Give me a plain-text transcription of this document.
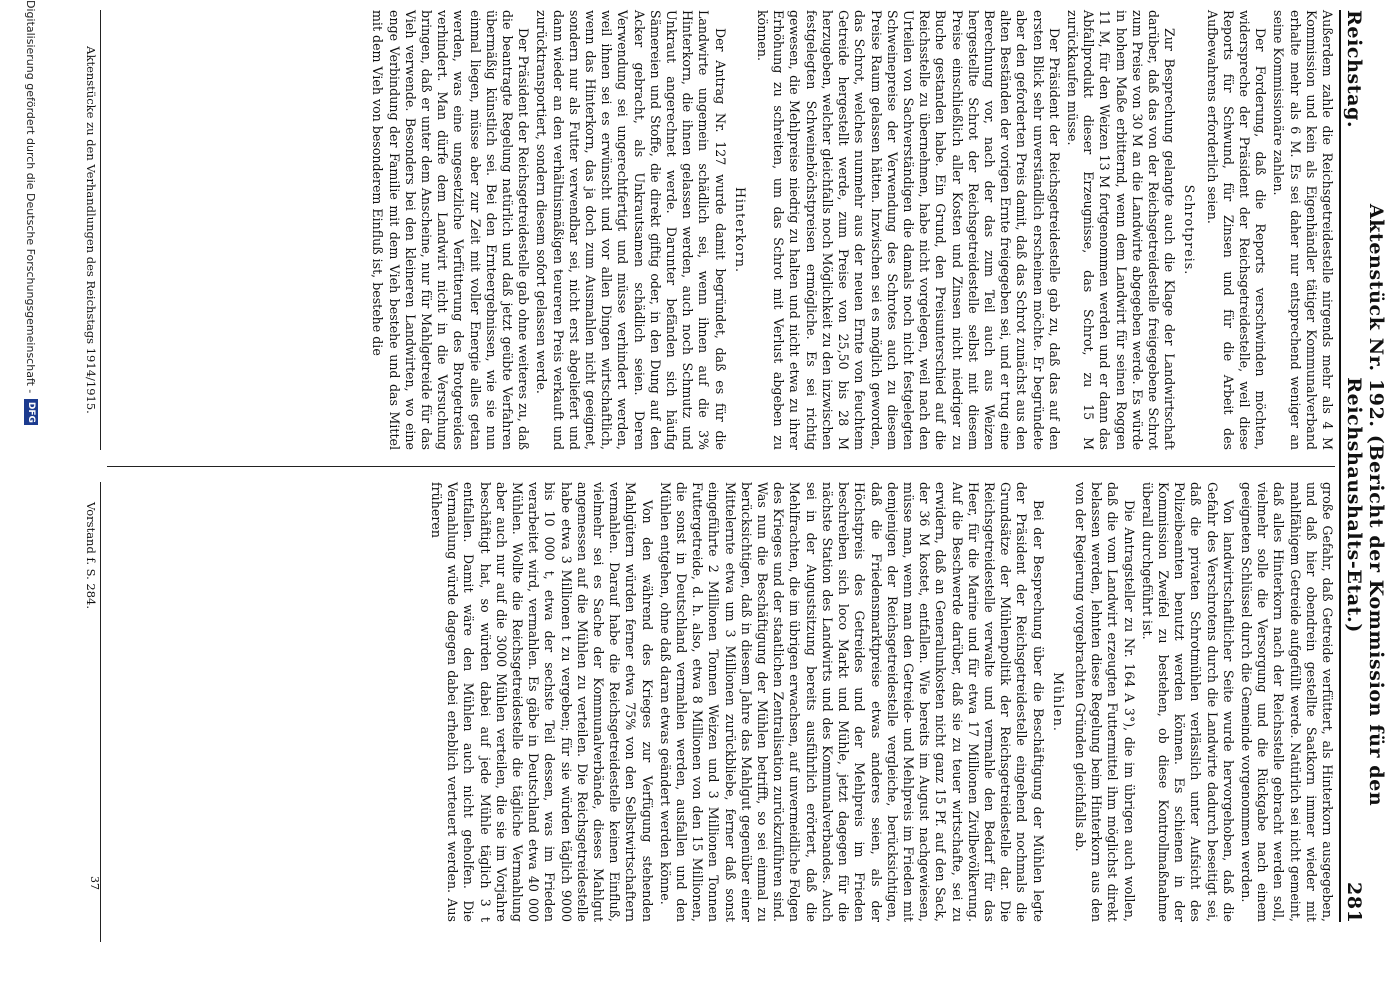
Reichstag.
Aktenstück Nr. 192. (Bericht der Kommission für den Reichshaushalts-Etat.)
281

Außerdem zahle die Reichsgetreidestelle nirgends mehr als 4 M Kommission und kein als Eigenhändler tätiger Kommunalverband erhalte mehr als 6 M. Es sei daher nur entsprechend weniger an seine Kommissionäre zahlen.

Der Forderung, daß die Reports verschwinden möchten, widerspreche der Präsident der Reichsgetreidestelle, weil diese Reports für Schwund, für Zinsen und für die Arbeit des Aufbewahrens erforderlich seien.

Schrotpreis.

Zur Besprechung gelangte auch die Klage der Landwirtschaft darüber, daß das von der Reichsgetreidestelle freigegebene Schrot zum Preise von 30 M an die Landwirte abgegeben werde. Es würde in hohem Maße erbitternd, wenn dem Landwirt für seinen Roggen 11 M, für den Weizen 13 M fortgenommen werden und er dann das Abfallprodukt dieser Erzeugnisse, das Schrot, zu 15 M zurückkaufen müsse.

Der Präsident der Reichsgetreidestelle gab zu, daß das auf den ersten Blick sehr unverständlich erscheinen möchte. Er begründete aber den geforderten Preis damit, daß das Schrot zunächst aus den alten Beständen der vorigen Ernte freigegeben sei, und er trug eine Berechnung vor, nach der das zum Teil auch aus Weizen hergestellte Schrot der Reichsgetreidestelle selbst mit diesem Preise einschließlich aller Kosten und Zinsen nicht niedriger zu Buche gestanden habe. Ein Grund, den Preisunterschied auf die Reichsstelle zu übernehmen, habe nicht vorgelegen, weil nach den Urteilen von Sachverständigen die damals noch nicht festgelegten Schweinepreise der Verwendung des Schrotes auch zu diesem Preise Raum gelassen hätten. Inzwischen sei es möglich geworden, das Schrot, welches nunmehr aus der neuen Ernte von feuchtem Getreide hergestellt werde, zum Preise von 25,50 bis 28 M herzugeben, welcher gleichfalls noch Möglichkeit zu den inzwischen festgelegten Schweinehöchstpreisen ermögliche. Es sei richtig gewesen, die Mehlpreise niedrig zu halten und nicht etwa zu ihrer Erhöhung zu schreiten, um das Schrot mit Verlust abgeben zu können.

Hinterkorn.

Der Antrag Nr. 127 wurde damit begründet, daß es für die Landwirte ungemein schädlich sei, wenn ihnen auf die 3% Hinterkorn, die ihnen gelassen werden, auch noch Schmutz und Unkraut angerechnet werde. Darunter befänden sich häufig Sämereien und Stoffe, die direkt giftig oder, in den Dung auf den Acker gebracht, als Unkrautsamen schädlich seien. Deren Verwendung sei ungerechtfertigt und müsse verhindert werden, weil ihnen sei es erwünscht und vor allen Dingen wirtschaftlich, wenn das Hinterkorn, das ja doch zum Ausmahlen nicht geeignet, sondern nur als Futter verwendbar sei, nicht erst abgeliefert und dann wieder an den verhältnismäßigen teureren Preis verkauft und zurücktransportiert, sondern diesem sofort gelassen werde.

Der Präsident der Reichsgetreidestelle gab ohne weiteres zu, daß die beantragte Regelung natürlich und daß jetzt geübte Verfahren übermäßig künstlich sei. Bei den Ernteergebnissen, wie sie nun einmal liegen, müsse aber zur Zeit mit voller Energie alles getan werden, was eine ungesetzliche Verfütterung des Brotgetreides verhindert. Man dürfe dem Landwirt nicht in die Versuchung bringen, daß er unter dem Anscheine, nur für Mahlgetreide für das Vieh verwende. Besonders bei den kleineren Landwirten, wo eine enge Verbindung der Familie mit dem Vieh bestehe und das Mittel mit dem Vieh von besonderem Einfluß ist, bestehe die

große Gefahr, daß Getreide verfüttert, als Hinterkorn ausgegeben, und daß hier obendrein gestellte Saatkorn immer wieder mit mahlfähigem Getreide aufgefüllt werde. Natürlich sei nicht gemeint, daß alles Hinterkorn nach der Reichsstelle gebracht werden soll, vielmehr solle die Versorgung und die Rückgabe nach einem geeigneten Schlüssel durch die Gemeinde vorgenommen werden.

Von landwirtschaftlicher Seite wurde hervorgehoben, daß die Gefahr des Verschrotens durch die Landwirte dadurch beseitigt sei, daß die privaten Schrotmühlen verlässlich unter Aufsicht des Polizeibeamten benutzt werden können. Es schienen in der Kommission Zweifel zu bestehen, ob diese Kontrollmaßnahme überall durchgeführt ist.

Die Antragsteller zu Nr. 164 A 3°), die im übrigen auch wollen, daß die vom Landwirt erzeugten Futtermittel ihm möglichst direkt belassen werden, lehnten diese Regelung beim Hinterkorn aus den von der Regierung vorgebrachten Gründen gleichfalls ab.

Mühlen.

Bei der Besprechung über die Beschäftigung der Mühlen legte der Präsident der Reichsgetreidestelle eingehend nochmals die Grundsätze der Mühlenpolitik der Reichsgetreidestelle dar. Die Reichsgetreidestelle verwalte und vermahle den Bedarf für das Heer, für die Marine und für etwa 17 Millionen Zivilbevölkerung. Auf die Beschwerde darüber, daß sie zu teuer wirtschafte, sei zu erwidern, daß an Generalunkosten nicht ganz 15 Pf. auf den Sack, der 36 M kostet, entfallen. Wie bereits im August nachgewiesen, müsse man, wenn man den Getreide- und Mehlpreis im Frieden mit demjenigen der Reichsgetreidestelle vergleiche, berücksichtigen, daß die Friedensmarktpreise etwas anderes seien, als der Höchstpreis des Getreides und der Mehlpreis im Frieden beschreiben sich loco Markt und Mühle, jetzt dagegen für die nächste Station des Landwirts und des Kommunalverbandes. Auch sei in der Augustsitzung bereits ausführlich erörtert, daß die Mehlfrachten, die im übrigen erwachsen, auf unvermeidliche Folgen des Krieges und der staatlichen Zentralisation zurückzuführen sind. Was nun die Beschäftigung der Mühlen betrifft, so sei einmal zu berücksichtigen, daß in diesem Jahre das Mahlgut gegenüber einer Mittelernte etwa um 3 Millionen zurückbliebe, ferner daß sonst eingeführte 2 Millionen Tonnen Weizen und 3 Millionen Tonnen Futtergetreide, d. h. also, etwa 8 Millionen von den 15 Millionen, die sonst in Deutschland vermahlen werden, ausfallen und den Mühlen entgehen, ohne daß daran etwas geändert werden könne.

Von den während des Krieges zur Verfügung stehenden Mahlgütern würden ferner etwa 75% von den Selbstwirtschaftern vermahlen. Darauf habe die Reichsgetreidestelle keinen Einfluß, vielmehr sei es Sache der Kommunalverbände, dieses Mahlgut angemessen auf die Mühlen zu verteilen. Die Reichsgetreidestelle habe etwa 3 Millionen t zu vergeben; für sie würden täglich 9000 bis 10 000 t, etwa der sechste Teil dessen, was im Frieden verarbeitet wird, vermahlen. Es gäbe in Deutschland etwa 40 000 Mühlen. Wollte die Reichsgetreidestelle die tägliche Vermahlung aber auch nur auf die 3000 Mühlen verteilen, die sie im Vorjahre beschäftigt hat, so würden dabei auf jede Mühle täglich 3 t entfallen. Damit wäre den Mühlen auch nicht geholfen. Die Vermahlung würde dagegen dabei erheblich verteuert werden. Aus früheren

Aktenstücke zu den Verhandlungen des Reichstags 1914/1915.
Vorstand f. S. 284.
37
Digitalisierung gefördert durch die Deutsche Forschungsgemeinschaft -
DFG
